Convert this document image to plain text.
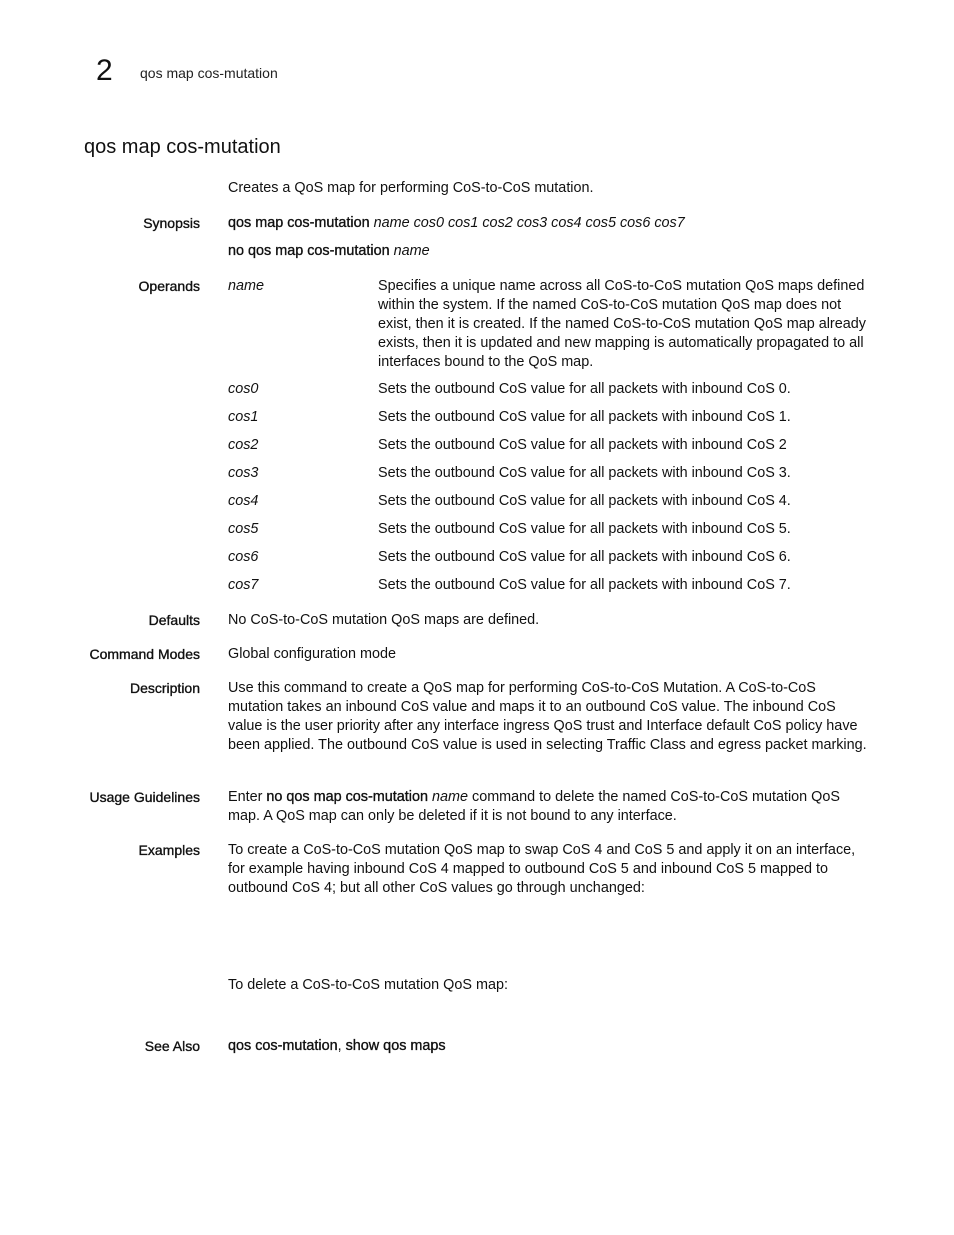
2 qos map cos-mutation
qos map cos-mutation
Creates a QoS map for performing CoS-to-CoS mutation.
Synopsis qos map cos-mutation name cos0 cos1 cos2 cos3 cos4 cos5 cos6 cos7
no qos map cos-mutation name
Operands name	Specifies a unique name across all CoS-to-CoS mutation QoS maps defined within the system. If the named CoS-to-CoS mutation QoS map does not exist, then it is created. If the named CoS-to-CoS mutation QoS map already exists, then it is updated and new mapping is automatically propagated to all interfaces bound to the QoS map.
cos0	Sets the outbound CoS value for all packets with inbound CoS 0.
cos1	Sets the outbound CoS value for all packets with inbound CoS 1.
cos2	Sets the outbound CoS value for all packets with inbound CoS 2
cos3	Sets the outbound CoS value for all packets with inbound CoS 3.
cos4	Sets the outbound CoS value for all packets with inbound CoS 4.
cos5	Sets the outbound CoS value for all packets with inbound CoS 5.
cos6	Sets the outbound CoS value for all packets with inbound CoS 6.
cos7	Sets the outbound CoS value for all packets with inbound CoS 7.
Defaults No CoS-to-CoS mutation QoS maps are defined.
Command Modes Global configuration mode
Description Use this command to create a QoS map for performing CoS-to-CoS Mutation. A CoS-to-CoS mutation takes an inbound CoS value and maps it to an outbound CoS value. The inbound CoS value is the user priority after any interface ingress QoS trust and Interface default CoS policy have been applied. The outbound CoS value is used in selecting Traffic Class and egress packet marking.
Usage Guidelines Enter no qos map cos-mutation name command to delete the named CoS-to-CoS mutation QoS map. A QoS map can only be deleted if it is not bound to any interface.
Examples To create a CoS-to-CoS mutation QoS map to swap CoS 4 and CoS 5 and apply it on an interface, for example having inbound CoS 4 mapped to outbound CoS 5 and inbound CoS 5 mapped to outbound CoS 4; but all other CoS values go through unchanged:
To delete a CoS-to-CoS mutation QoS map:
See Also qos cos-mutation, show qos maps
